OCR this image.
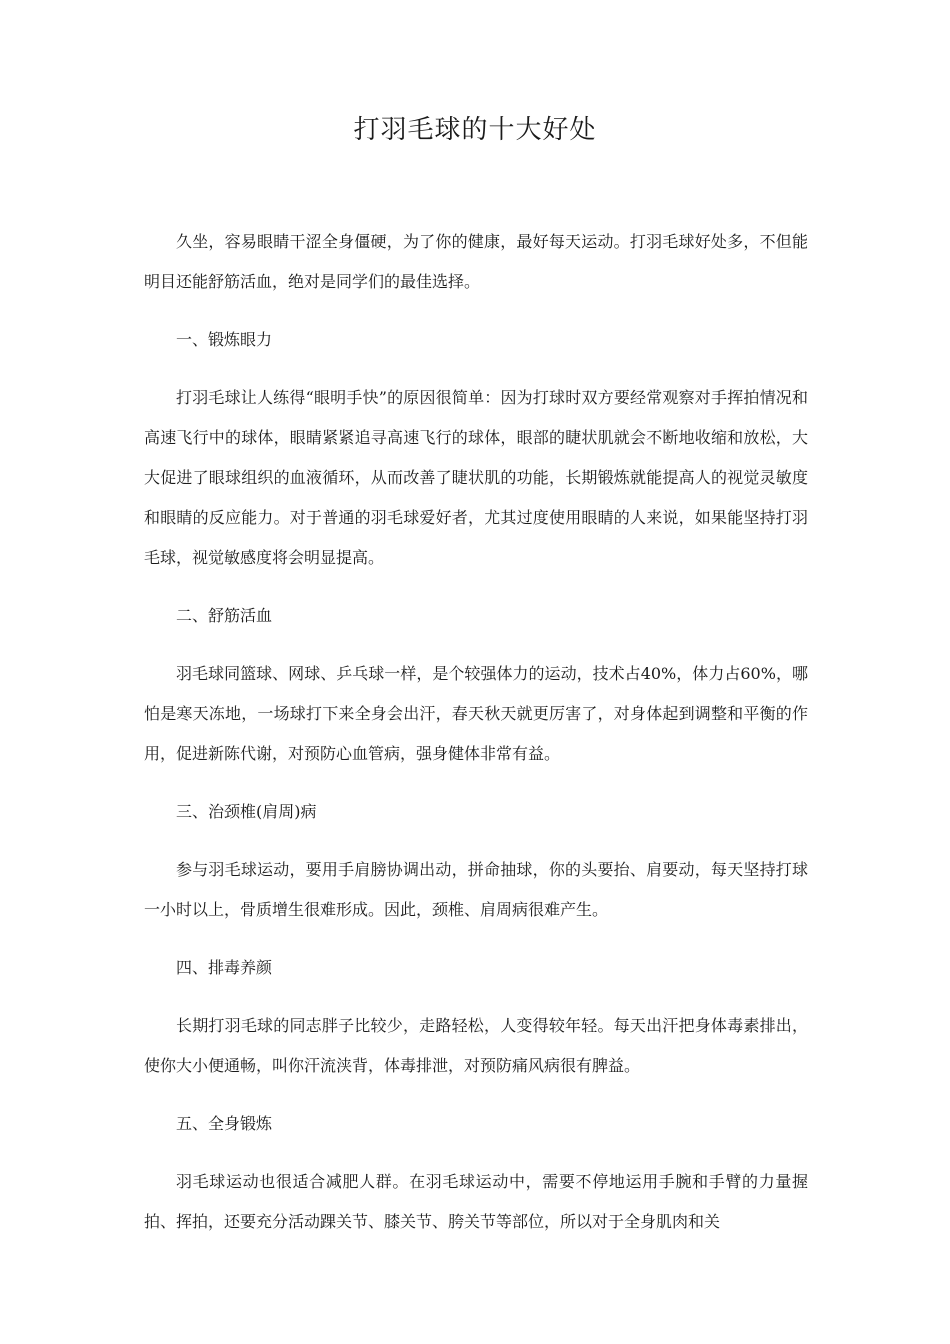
打羽毛球的十大好处

久坐，容易眼睛干涩全身僵硬，为了你的健康，最好每天运动。打羽毛球好处多，不但能明目还能舒筋活血，绝对是同学们的最佳选择。

一、锻炼眼力

打羽毛球让人练得“眼明手快”的原因很简单：因为打球时双方要经常观察对手挥拍情况和高速飞行中的球体，眼睛紧紧追寻高速飞行的球体，眼部的睫状肌就会不断地收缩和放松，大大促进了眼球组织的血液循环，从而改善了睫状肌的功能，长期锻炼就能提高人的视觉灵敏度和眼睛的反应能力。对于普通的羽毛球爱好者，尤其过度使用眼睛的人来说，如果能坚持打羽毛球，视觉敏感度将会明显提高。

二、舒筋活血

羽毛球同篮球、网球、乒乓球一样，是个较强体力的运动，技术占40%，体力占60%，哪怕是寒天冻地，一场球打下来全身会出汗，春天秋天就更厉害了，对身体起到调整和平衡的作用，促进新陈代谢，对预防心血管病，强身健体非常有益。

三、治颈椎(肩周)病

参与羽毛球运动，要用手肩膀协调出动，拼命抽球，你的头要抬、肩要动，每天坚持打球一小时以上，骨质增生很难形成。因此，颈椎、肩周病很难产生。

四、排毒养颜

长期打羽毛球的同志胖子比较少，走路轻松，人变得较年轻。每天出汗把身体毒素排出，使你大小便通畅，叫你汗流浃背，体毒排泄，对预防痛风病很有脾益。

五、全身锻炼

羽毛球运动也很适合减肥人群。在羽毛球运动中，需要不停地运用手腕和手臂的力量握拍、挥拍，还要充分活动踝关节、膝关节、胯关节等部位，所以对于全身肌肉和关
